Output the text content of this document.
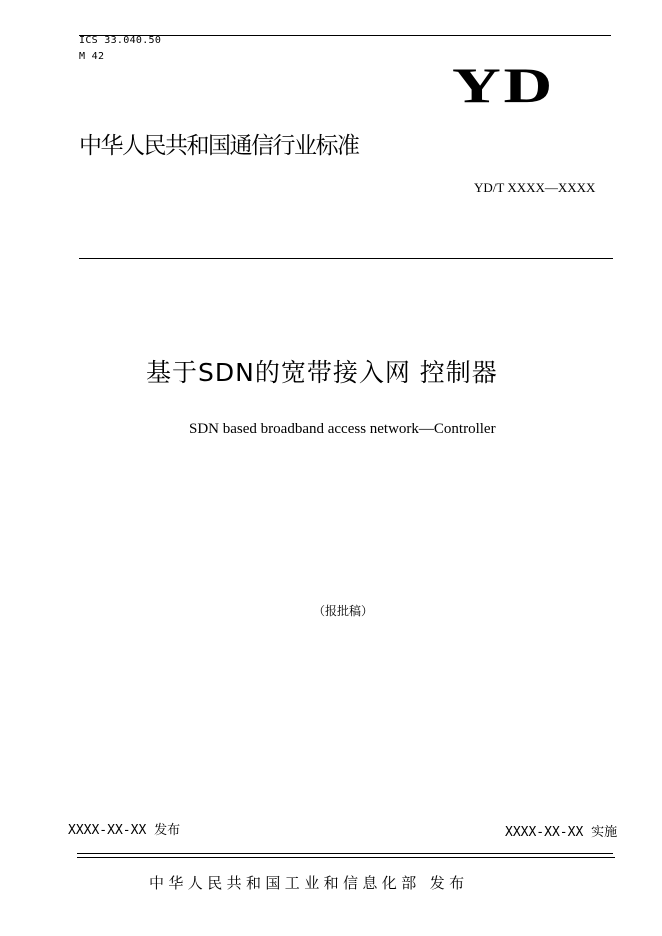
ICS 33.040.50
M 42
YD
中华人民共和国通信行业标准
YD/T XXXX—XXXX
基于SDN的宽带接入网 控制器
SDN based broadband access network—Controller
（报批稿）
XXXX-XX-XX 发布	XXXX-XX-XX 实施
中华人民共和国工业和信息化部 发布
